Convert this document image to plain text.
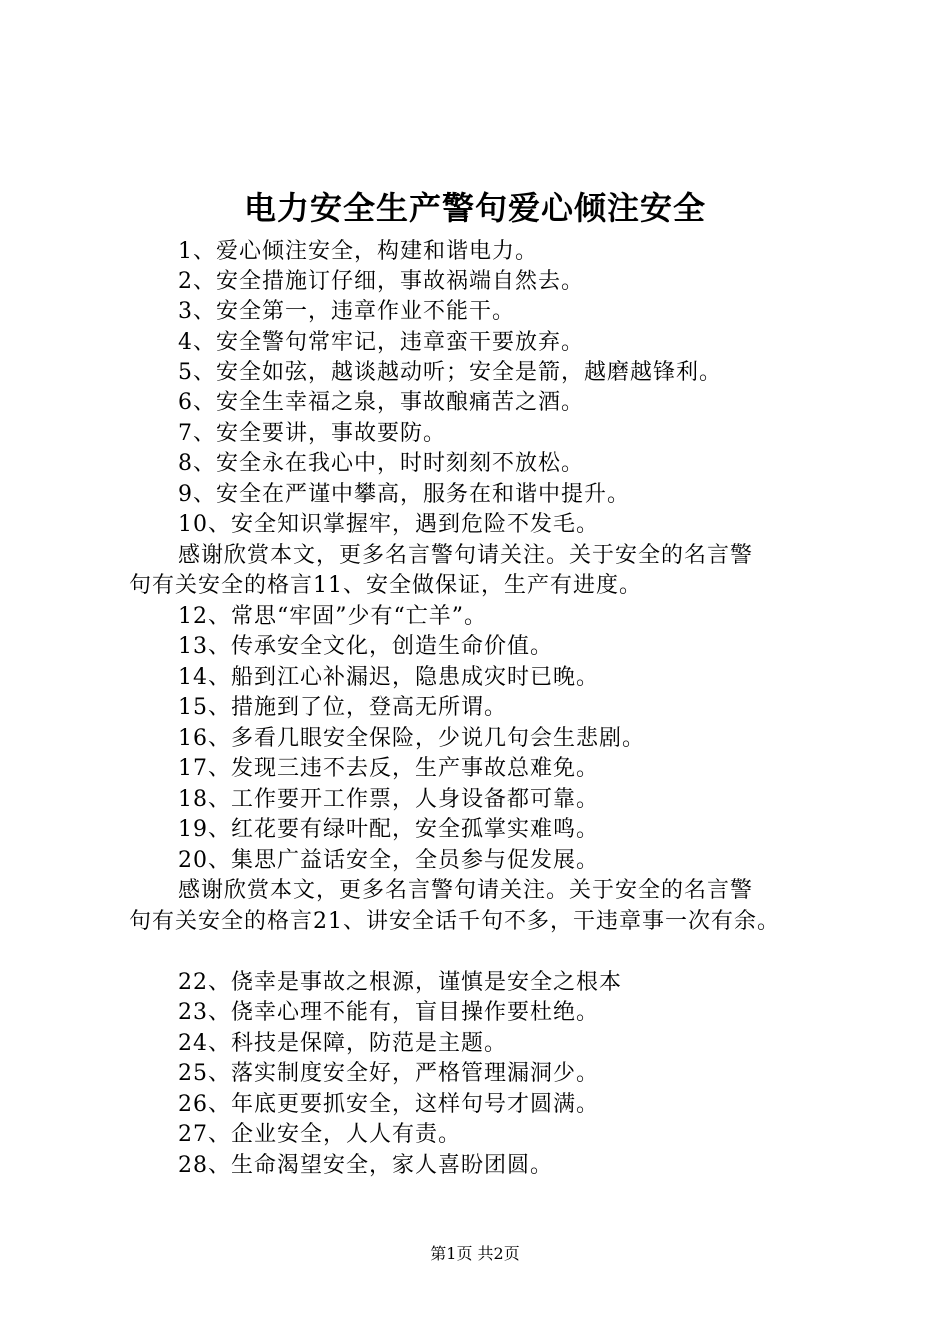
电力安全生产警句爱心倾注安全
1、爱心倾注安全，构建和谐电力。
2、安全措施订仔细，事故祸端自然去。
3、安全第一，违章作业不能干。
4、安全警句常牢记，违章蛮干要放弃。
5、安全如弦，越谈越动听；安全是箭，越磨越锋利。
6、安全生幸福之泉，事故酿痛苦之酒。
7、安全要讲，事故要防。
8、安全永在我心中，时时刻刻不放松。
9、安全在严谨中攀高，服务在和谐中提升。
10、安全知识掌握牢，遇到危险不发毛。
感谢欣赏本文，更多名言警句请关注。关于安全的名言警
句有关安全的格言11、安全做保证，生产有进度。
12、常思“牢固”少有“亡羊”。
13、传承安全文化，创造生命价值。
14、船到江心补漏迟，隐患成灾时已晚。
15、措施到了位，登高无所谓。
16、多看几眼安全保险，少说几句会生悲剧。
17、发现三违不去反，生产事故总难免。
18、工作要开工作票，人身设备都可靠。
19、红花要有绿叶配，安全孤掌实难鸣。
20、集思广益话安全，全员参与促发展。
感谢欣赏本文，更多名言警句请关注。关于安全的名言警
句有关安全的格言21、讲安全话千句不多，干违章事一次有余。
22、侥幸是事故之根源，谨慎是安全之根本
23、侥幸心理不能有，盲目操作要杜绝。
24、科技是保障，防范是主题。
25、落实制度安全好，严格管理漏洞少。
26、年底更要抓安全，这样句号才圆满。
27、企业安全，人人有责。
28、生命渴望安全，家人喜盼团圆。
第1页 共2页
